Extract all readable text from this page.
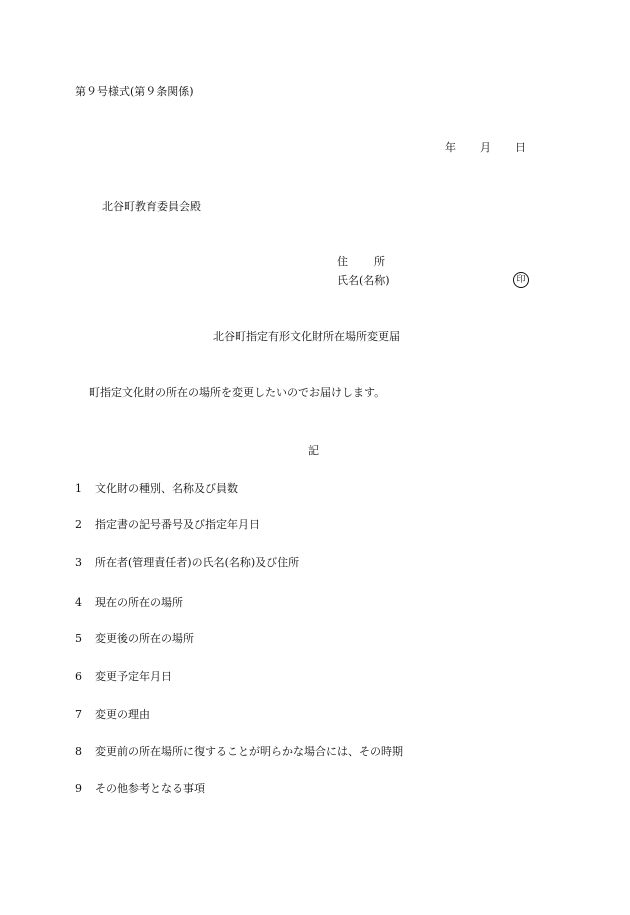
第９号様式(第９条関係)
年 月 日
北谷町教育委員会殿
住 所
氏名(名称)	印
北谷町指定有形文化財所在場所変更届
町指定文化財の所在の場所を変更したいのでお届けします。
記
1 文化財の種別、名称及び員数
2 指定書の記号番号及び指定年月日
3 所在者(管理責任者)の氏名(名称)及び住所
4 現在の所在の場所
5 変更後の所在の場所
6 変更予定年月日
7 変更の理由
8 変更前の所在場所に復することが明らかな場合には、その時期
9 その他参考となる事項
